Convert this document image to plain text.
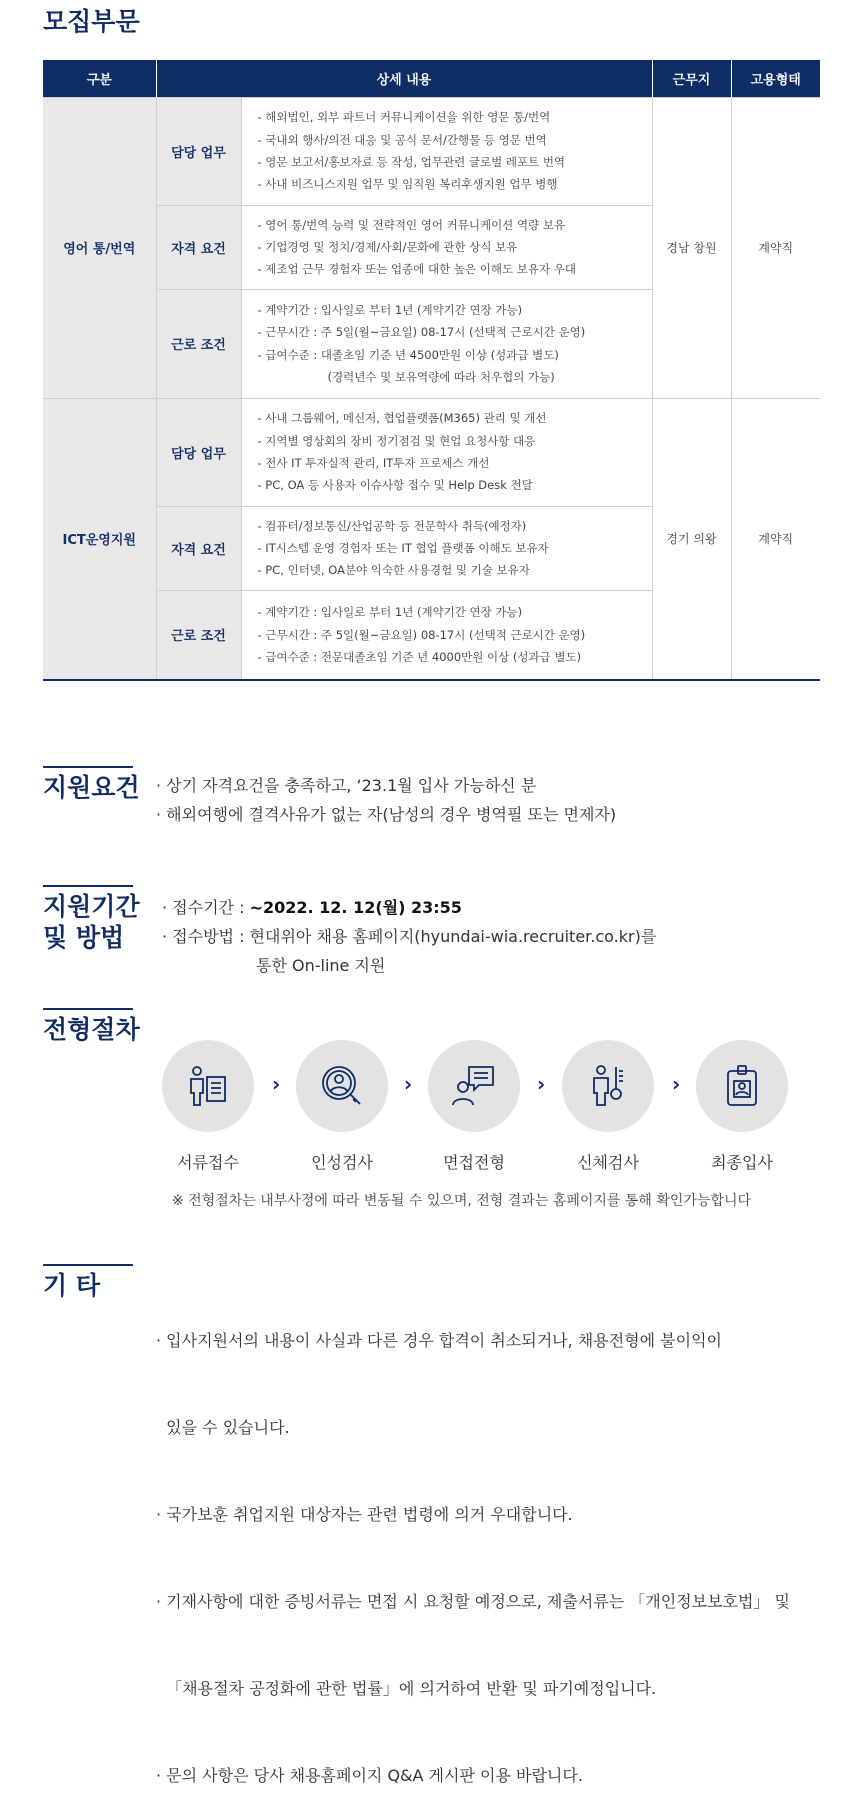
모집부문
구분	상세 내용		근무지	고용형태
영어 통/번역	담당 업무	- 해외법인, 외부 파트너 커뮤니케이션을 위한 영문 통/번역
- 국내외 행사/의전 대응 및 공식 문서/간행물 등 영문 번역
- 영문 보고서/홍보자료 등 작성, 업무관련 글로벌 레포트 번역
- 사내 비즈니스지원 업무 및 임직원 복리후생지원 업무 병행	경남 창원	계약직
	자격 요건	- 영어 통/번역 능력 및 전략적인 영어 커뮤니케이션 역량 보유
- 기업경영 및 정치/경제/사회/문화에 관한 상식 보유
- 제조업 근무 경험자 또는 업종에 대한 높은 이해도 보유자 우대		

	근로 조건	- 계약기간 : 입사일로 부터 1년 (계약기간 연장 가능)
- 근무시간 : 주 5일(월~금요일) 08-17시 (선택적 근로시간 운영)
- 급여수준 : 대졸초임 기준 년 4500만원 이상 (성과급 별도)
(경력년수 및 보유역량에 따라 처우협의 가능)		

ICT운영지원	담당 업무	- 사내 그룹웨어, 메신저, 협업플랫폼(M365) 관리 및 개선
- 지역별 영상회의 장비 정기점검 및 현업 요청사항 대응
- 전사 IT 투자실적 관리, IT투자 프로세스 개선
- PC, OA 등 사용자 이슈사항 접수 및 Help Desk 전달	경기 의왕	계약직
	자격 요건	- 컴퓨터/정보통신/산업공학 등 전문학사 취득(예정자)
- IT시스템 운영 경험자 또는 IT 협업 플랫폼 이해도 보유자
- PC, 인터넷, OA분야 익숙한 사용경험 및 기술 보유자		

	근로 조건	- 계약기간 : 입사일로 부터 1년 (계약기간 연장 가능)
- 근무시간 : 주 5일(월~금요일) 08-17시 (선택적 근로시간 운영)
- 급여수준 : 전문대졸초임 기준 년 4000만원 이상 (성과급 별도)		
지원요건 · 상기 자격요건을 충족하고, ‘23.1월 입사 가능하신 분
· 해외여행에 결격사유가 없는 자(남성의 경우 병역필 또는 면제자)
지원기간
및 방법
· 접수기간 : ~2022. 12. 12(월) 23:55
· 접수방법 : 현대위아 채용 홈페이지(hyundai-wia.recruiter.co.kr)를
통한 On-line 지원
전형절차
서류접수
›
인성검사
›
면접전형
›
신체검사
›
최종입사
※ 전형절차는 내부사정에 따라 변동될 수 있으며, 전형 결과는 홈페이지를 통해 확인가능합니다
기 타

· 입사지원서의 내용이 사실과 다른 경우 합격이 취소되거나, 채용전형에 불이익이

있을 수 있습니다.

· 국가보훈 취업지원 대상자는 관련 법령에 의거 우대합니다.

· 기재사항에 대한 증빙서류는 면접 시 요청할 예정으로, 제출서류는 「개인정보보호법」 및

「채용절차 공정화에 관한 법률」에 의거하여 반환 및 파기예정입니다.

· 문의 사항은 당사 채용홈페이지 Q&A 게시판 이용 바랍니다.
